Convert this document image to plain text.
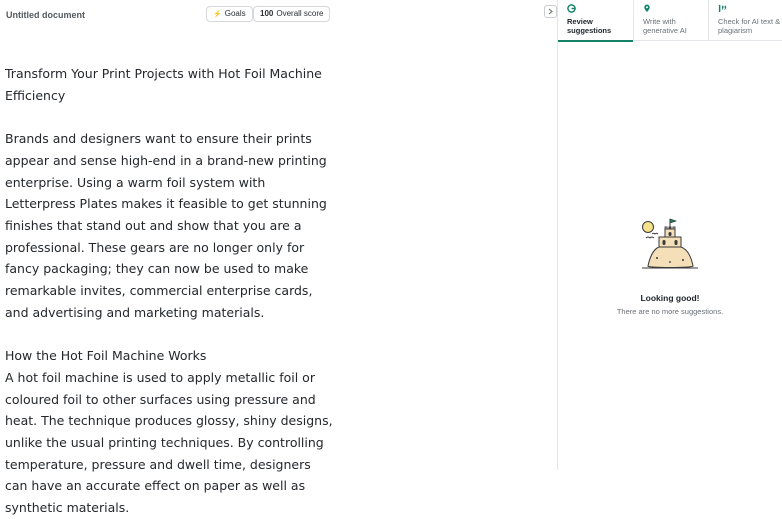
Untitled document	⚡ Goals	100 Overall score

Transform Your Print Projects with Hot Foil Machine Efficiency

Brands and designers want to ensure their prints appear and sense high-end in a brand-new printing enterprise. Using a warm foil system with Letterpress Plates makes it feasible to get stunning finishes that stand out and show that you are a professional. These gears are no longer only for fancy packaging; they can now be used to make remarkable invites, commercial enterprise cards, and advertising and marketing materials.

How the Hot Foil Machine Works

A hot foil machine is used to apply metallic foil or coloured foil to other surfaces using pressure and heat. The technique produces glossy, shiny designs, unlike the usual printing techniques. By controlling temperature, pressure and dwell time, designers can have an accurate effect on paper as well as synthetic materials.

Review suggestions
Write with generative AI
Check for AI text & plagiarism
Looking good!
There are no more suggestions.
